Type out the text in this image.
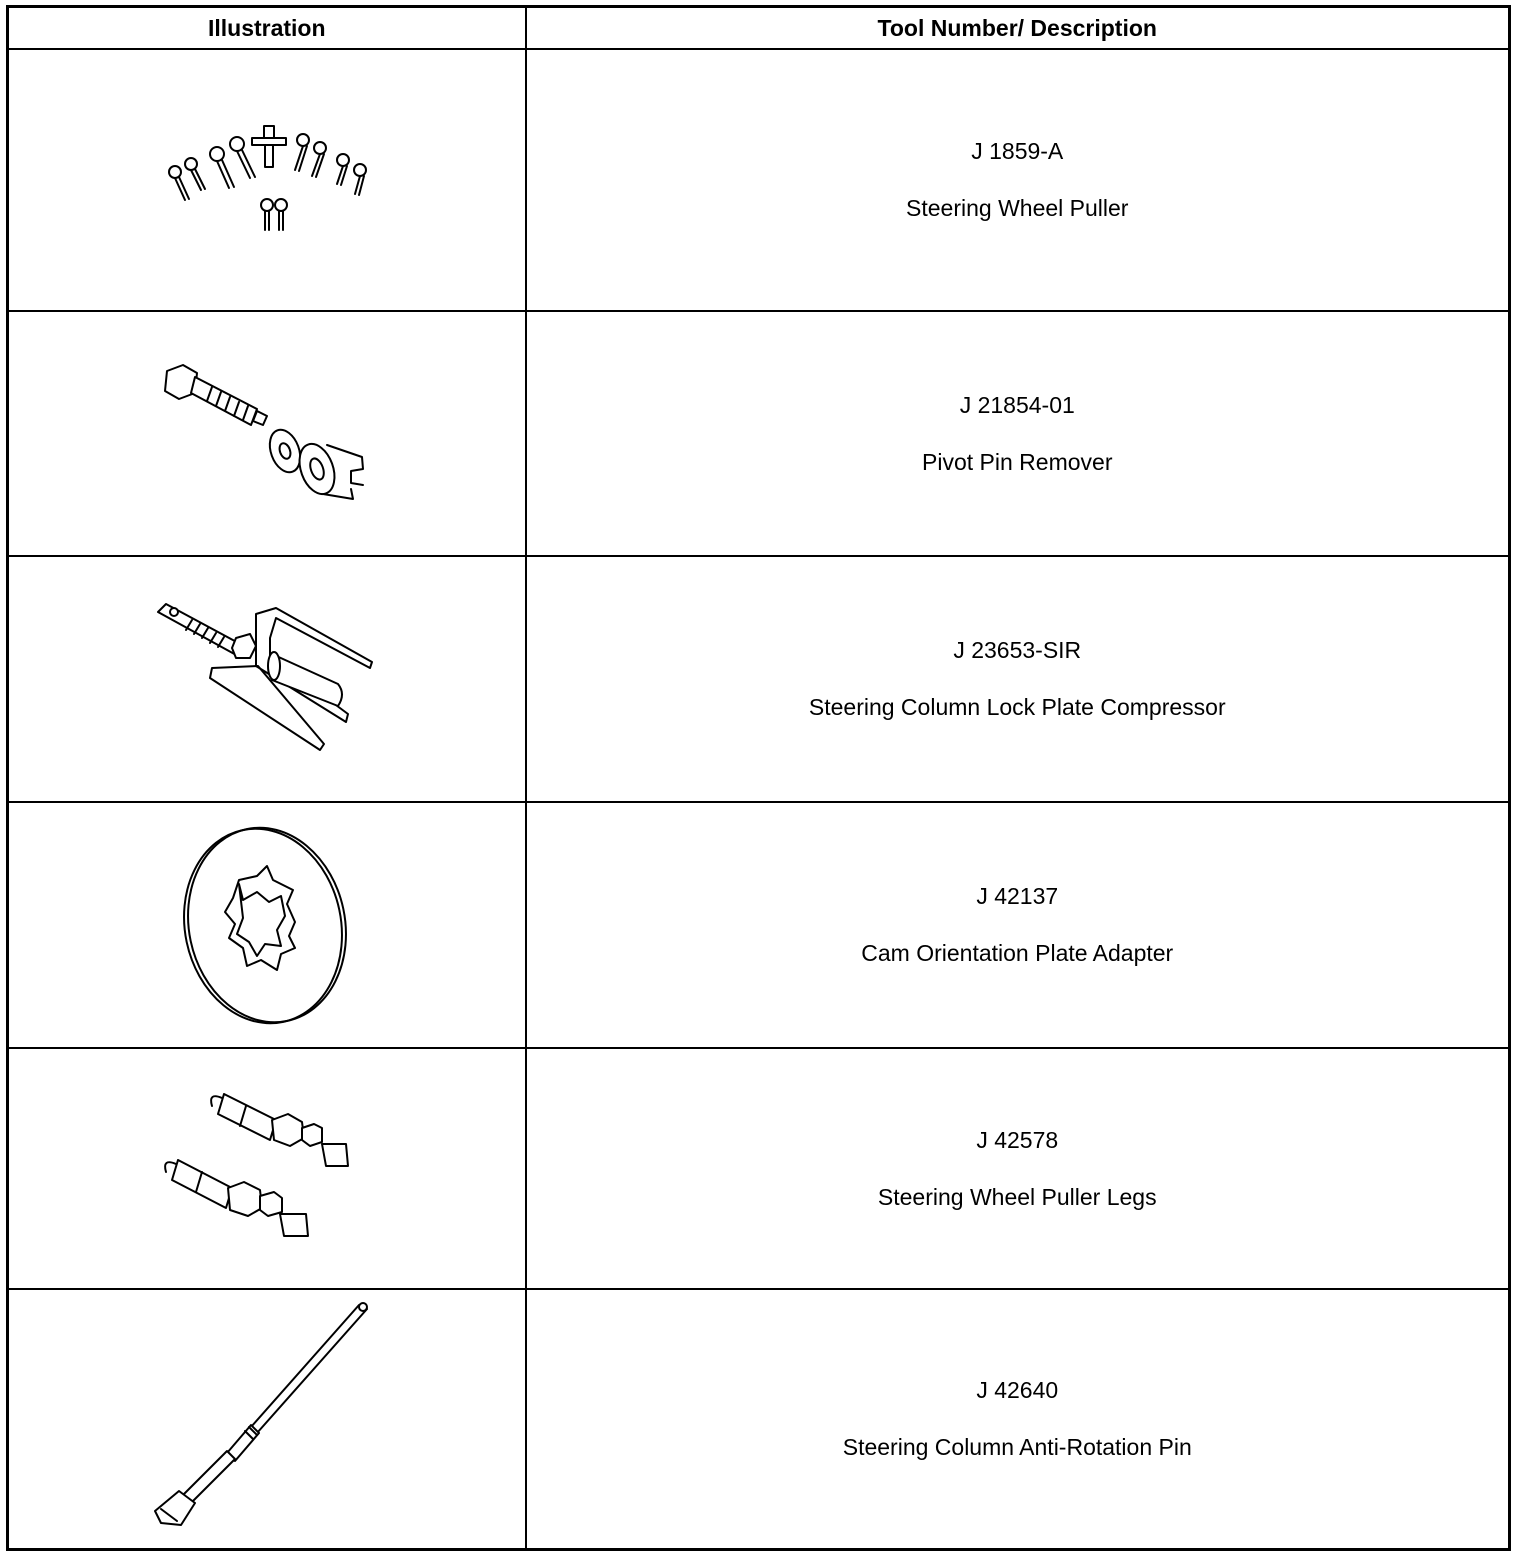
Illustration	Tool Number/ Description

J 1859-A
Steering Wheel Puller

J 21854-01
Pivot Pin Remover

J 23653-SIR
Steering Column Lock Plate Compressor

J 42137
Cam Orientation Plate Adapter

J 42578
Steering Wheel Puller Legs

J 42640
Steering Column Anti-Rotation Pin
